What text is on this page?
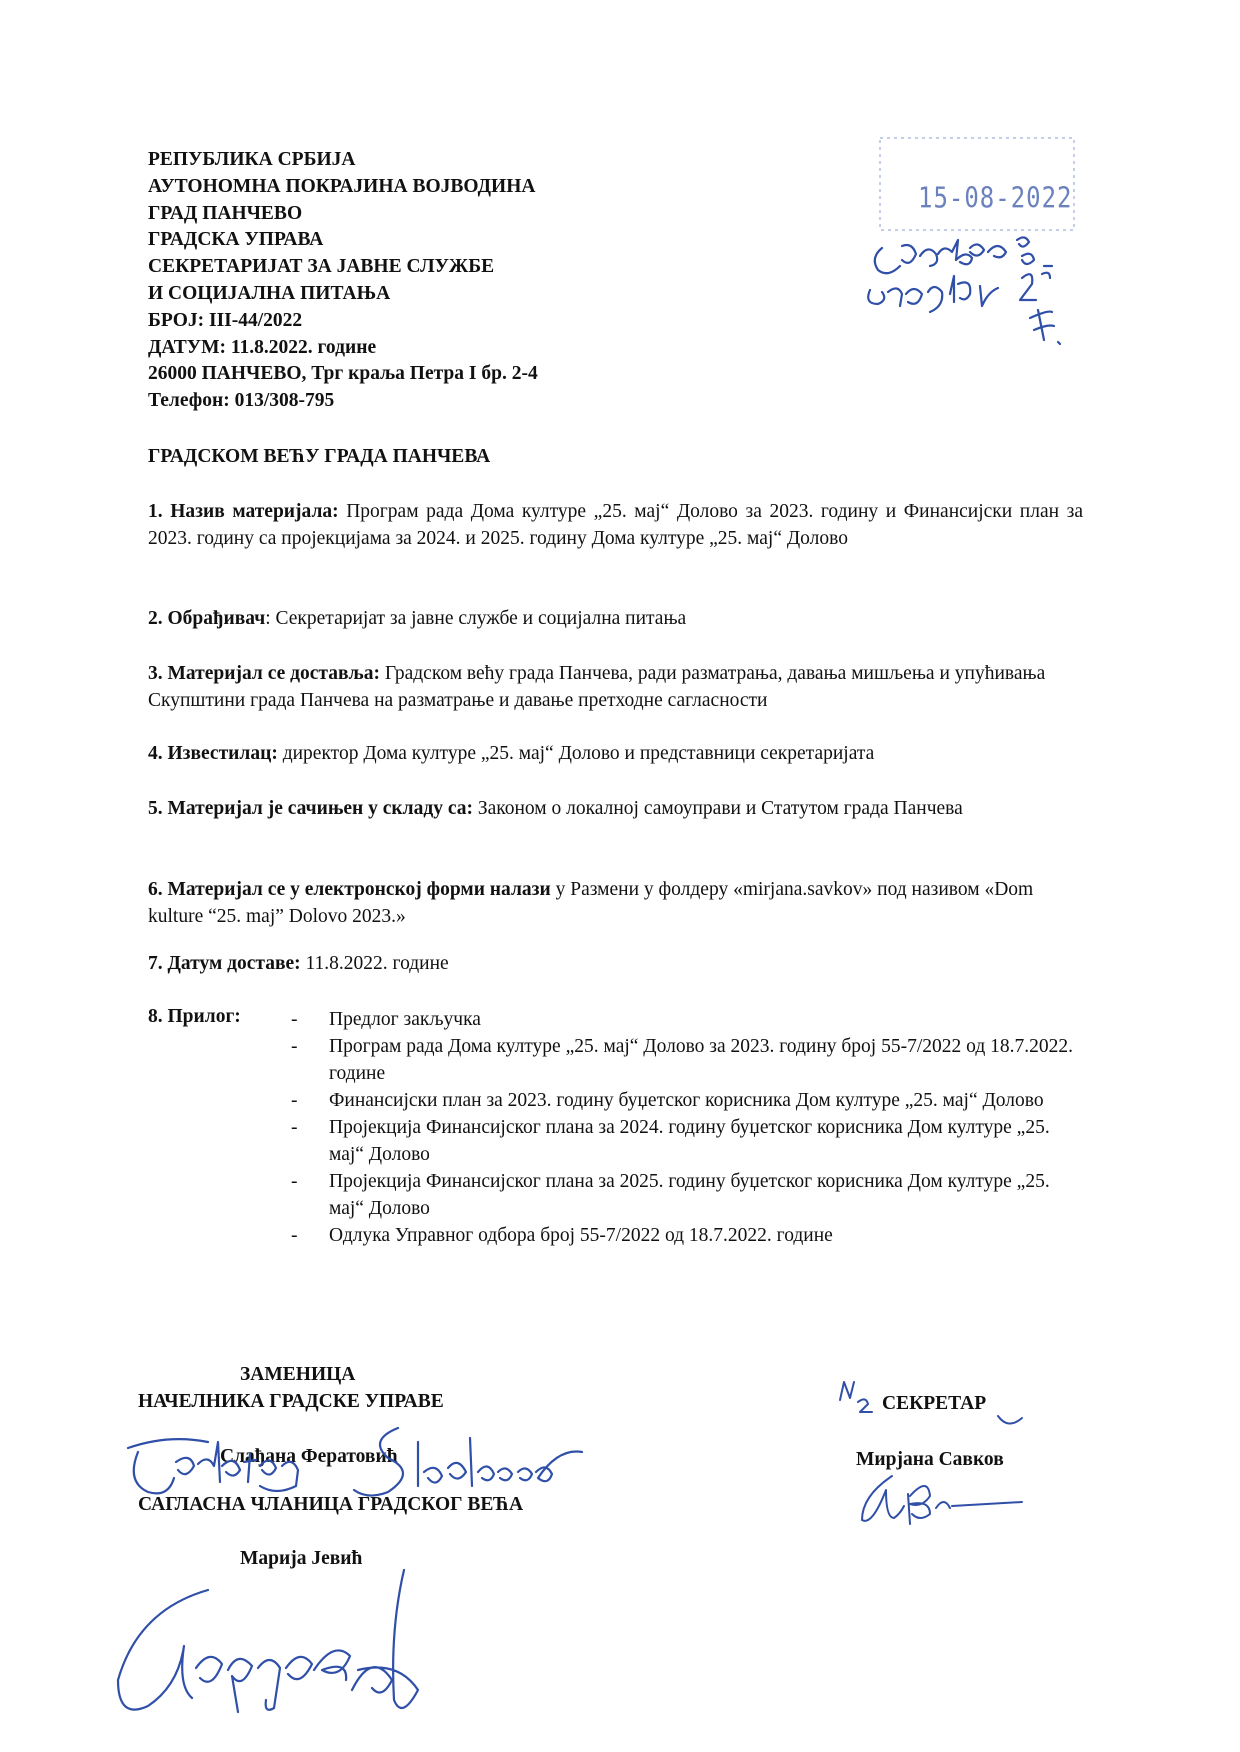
РЕПУБЛИКА СРБИЈА
АУТОНОМНА ПОКРАЈИНА ВОЈВОДИНА
ГРАД ПАНЧЕВО
ГРАДСКА УПРАВА
СЕКРЕТАРИЈАТ ЗА ЈАВНЕ СЛУЖБЕ
И СОЦИЈАЛНА ПИТАЊА
БРОЈ: III-44/2022
ДАТУМ: 11.8.2022. године
26000 ПАНЧЕВО, Трг краља Петра I бр. 2-4
Телефон: 013/308-795
15-08-2022
ГРАДСКОМ ВЕЋУ ГРАДА ПАНЧЕВА
1. Назив материјала: Програм рада Дома културе „25. мај“ Долово за 2023. годину и Финансијски план за 2023. годину са пројекцијама за 2024. и 2025. годину Дома културе „25. мај“ Долово
2. Обрађивач: Секретаријат за јавне службе и социјална питања
3. Материјал се доставља: Градском већу града Панчева, ради разматрања, давања мишљења и упућивања Скупштини града Панчева на разматрање и давање претходне сагласности
4. Известилац: директор Дома културе „25. мај“ Долово и представници секретаријата
5. Материјал је сачињен у складу са: Законом о локалној самоуправи и Статутом града Панчева
6. Материјал се у електронској форми налази у Размени у фолдеру «mirjana.savkov» под називом «Dom kulture “25. maj” Dolovo 2023.»
7. Датум доставе: 11.8.2022. године
8. Прилог:	- Предлог закључка
- Програм рада Дома културе „25. мај“ Долово за 2023. годину број 55-7/2022 од 18.7.2022. године
- Финансијски план за 2023. годину буџетског корисника Дом културе „25. мај“ Долово
- Пројекција Финансијског плана за 2024. годину буџетског корисника Дом културе „25. мај“ Долово
- Пројекција Финансијског плана за 2025. годину буџетског корисника Дом културе „25. мај“ Долово
- Одлука Управног одбора број 55-7/2022 од 18.7.2022. године
ЗАМЕНИЦА
НАЧЕЛНИКА ГРАДСКЕ УПРАВЕ
Слађана Фератовић
САГЛАСНА ЧЛАНИЦА ГРАДСКОГ ВЕЋА
Марија Јевић
СЕКРЕТАР
Мирјана Савков
